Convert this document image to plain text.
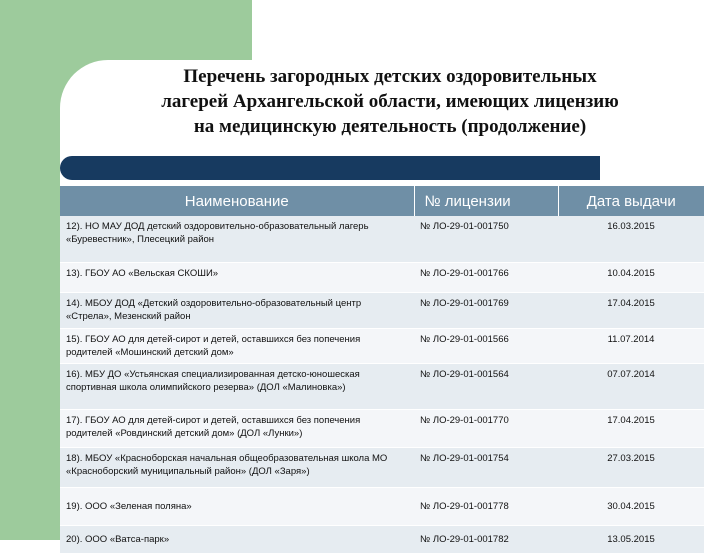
Перечень загородных детских оздоровительных
лагерей Архангельской области, имеющих лицензию
на медицинскую деятельность (продолжение)
Наименование	№ лицензии	Дата выдачи
12). НО МАУ ДОД детский оздоровительно-образовательный лагерь «Буревестник», Плесецкий район	№ ЛО-29-01-001750	16.03.2015
13). ГБОУ АО «Вельская СКОШИ»	№ ЛО-29-01-001766	10.04.2015
14). МБОУ ДОД «Детский оздоровительно-образовательный центр «Стрела», Мезенский район	№ ЛО-29-01-001769	17.04.2015
15). ГБОУ АО для детей-сирот и детей, оставшихся без попечения родителей «Мошинский детский дом»	№ ЛО-29-01-001566	11.07.2014
16). МБУ ДО «Устьянская специализированная детско-юношеская спортивная школа олимпийского резерва» (ДОЛ «Малиновка»)	№ ЛО-29-01-001564	07.07.2014
17). ГБОУ АО для детей-сирот и детей, оставшихся без попечения родителей «Ровдинский детский дом» (ДОЛ «Лунки»)	№ ЛО-29-01-001770	17.04.2015
18). МБОУ «Красноборская начальная общеобразовательная школа МО «Красноборский муниципальный район» (ДОЛ «Заря»)	№ ЛО-29-01-001754	27.03.2015
19). ООО «Зеленая поляна»	№ ЛО-29-01-001778	30.04.2015
20). ООО «Ватса-парк»	№ ЛО-29-01-001782	13.05.2015
